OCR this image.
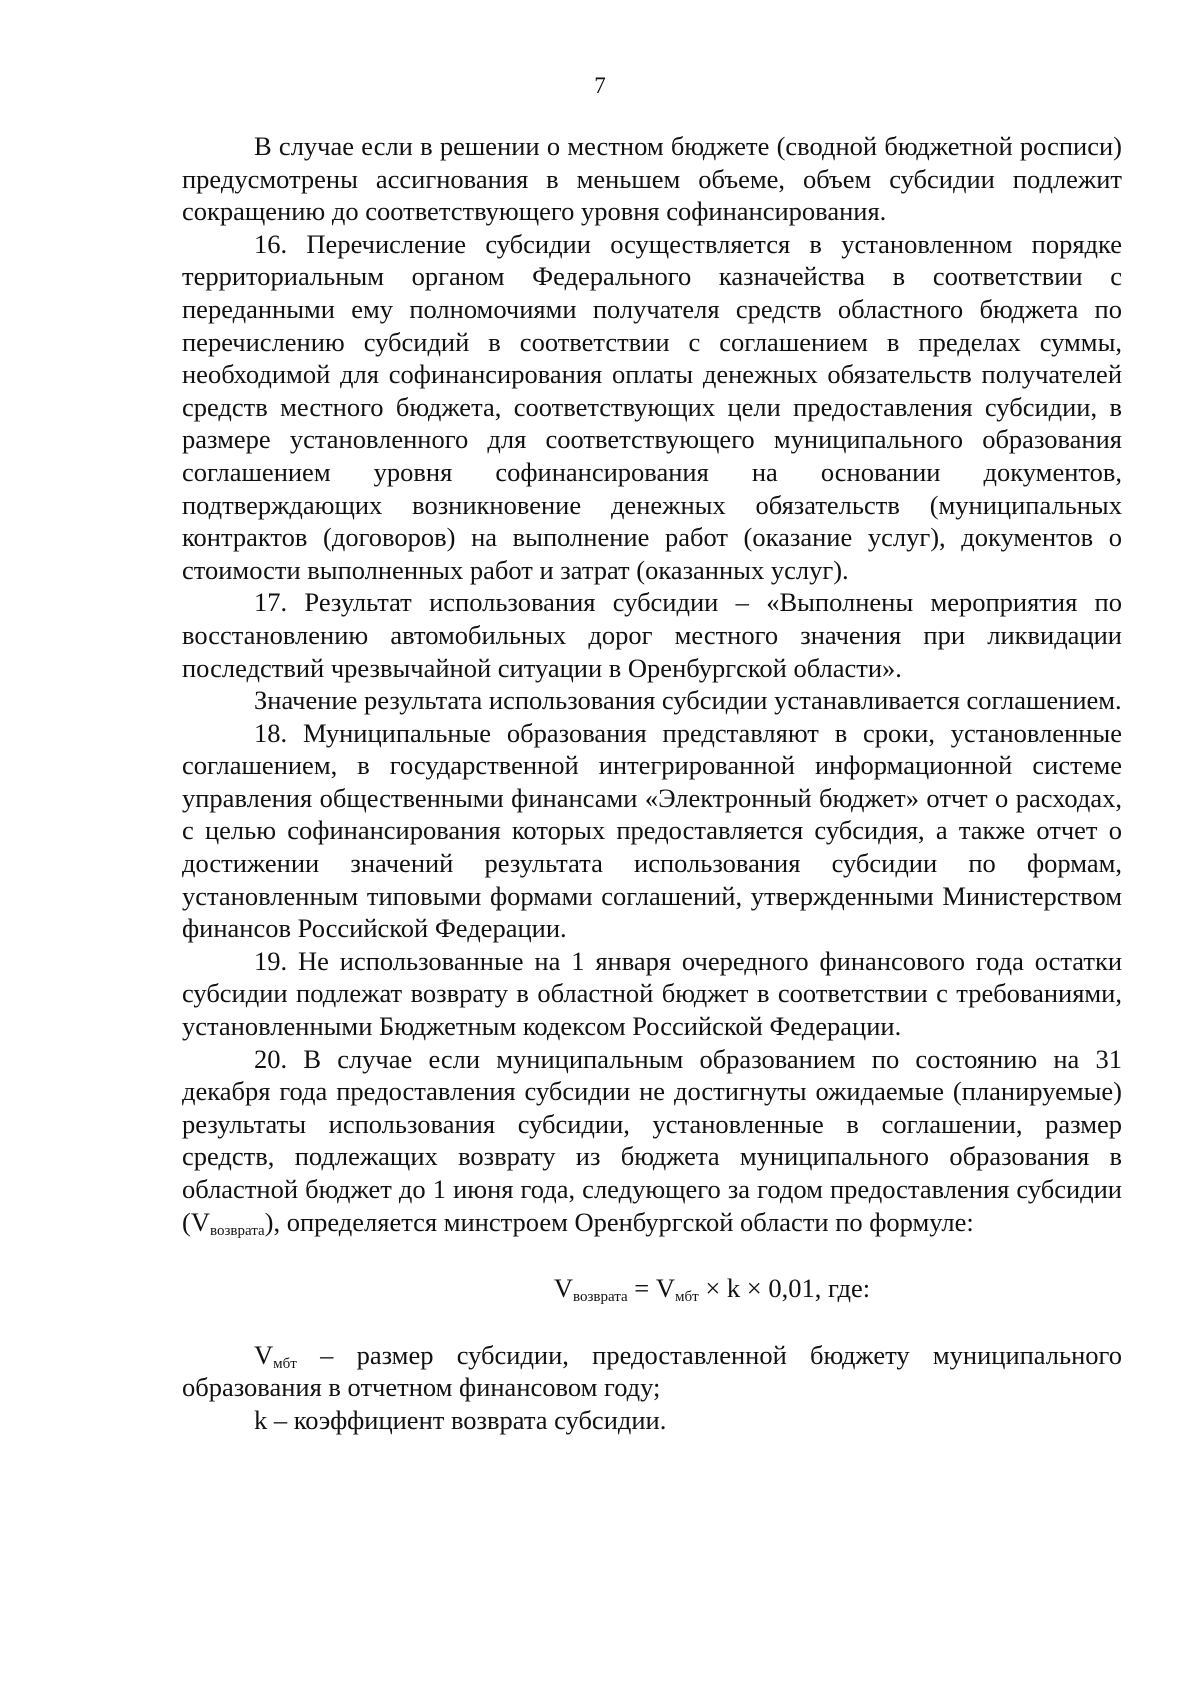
7

В случае если в решении о местном бюджете (сводной бюджетной росписи) предусмотрены ассигнования в меньшем объеме, объем субсидии подлежит сокращению до соответствующего уровня софинансирования.

16. Перечисление субсидии осуществляется в установленном порядке территориальным органом Федерального казначейства в соответствии с переданными ему полномочиями получателя средств областного бюджета по перечислению субсидий в соответствии с соглашением в пределах суммы, необходимой для софинансирования оплаты денежных обязательств получателей средств местного бюджета, соответствующих цели предоставления субсидии, в размере установленного для соответствующего муниципального образования соглашением уровня софинансирования на основании документов, подтверждающих возникновение денежных обязательств (муниципальных контрактов (договоров) на выполнение работ (оказание услуг), документов о стоимости выполненных работ и затрат (оказанных услуг).

17. Результат использования субсидии – «Выполнены мероприятия по восстановлению автомобильных дорог местного значения при ликвидации последствий чрезвычайной ситуации в Оренбургской области».

Значение результата использования субсидии устанавливается соглашением.

18. Муниципальные образования представляют в сроки, установленные соглашением, в государственной интегрированной информационной системе управления общественными финансами «Электронный бюджет» отчет о расходах, с целью софинансирования которых предоставляется субсидия, а также отчет о достижении значений результата использования субсидии по формам, установленным типовыми формами соглашений, утвержденными Министерством финансов Российской Федерации.

19. Не использованные на 1 января очередного финансового года остатки субсидии подлежат возврату в областной бюджет в соответствии с требованиями, установленными Бюджетным кодексом Российской Федерации.

20. В случае если муниципальным образованием по состоянию на 31 декабря года предоставления субсидии не достигнуты ожидаемые (планируемые) результаты использования субсидии, установленные в соглашении, размер средств, подлежащих возврату из бюджета муниципального образования в областной бюджет до 1 июня года, следующего за годом предоставления субсидии $(V_{возврата})$, определяется минстроем Оренбургской области по формуле:

$V_{возврата} = V_{мбт} \times k \times 0,01$, где:

$V_{мбт}$ – размер субсидии, предоставленной бюджету муниципального образования в отчетном финансовом году;

k – коэффициент возврата субсидии.
